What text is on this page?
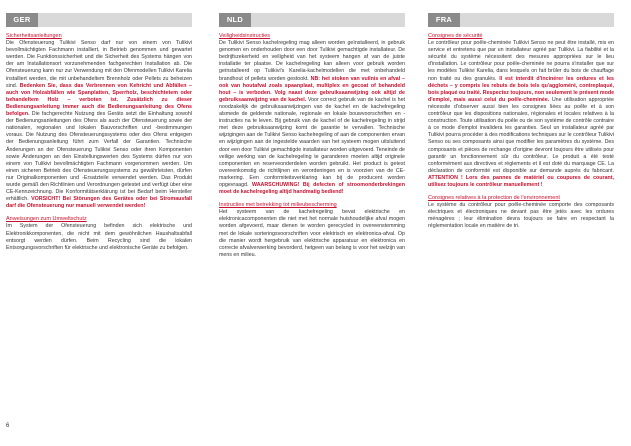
GER
Sicherheitsanleitungen

Die Ofensteuerung Tulikivi Senso darf nur von einem von Tulikivi bevollmächtigten Fachmann installiert, in Betrieb genommen und gewartet werden. Die Funktionssicherheit und die Sicherheit des Systems hängen von der am Installationsort vorzunehmenden fachgerechten Installation ab. Die Ofensteuerung kann nur zur Verwendung mit den Ofenmodellen Tulikivi Karelia installiert werden, die mit unbehandeltem Brennholz oder Pellets zu beheizen sind. Bedenken Sie, dass das Verbrennen von Kehricht und Abfällen – auch von Holzabfällen wie Spanplatten, Sperrholz, beschichtetem oder behandeltem Holz – verboten ist. Zusätzlich zu dieser Bedienungsanleitung immer auch die Bedienungsanleitung des Ofens befolgen. Die fachgerechte Nutzung des Geräts setzt die Einhaltung sowohl der Bedienungsanleitungen des Ofens als auch der Ofensteuerung sowie der nationalen, regionalen und lokalen Bauvorschriften und -bestimmungen voraus. Die Nutzung des Ofensteuerungssystems oder des Ofens entgegen der Bedienungsanleitung führt zum Verfall der Garantien. Technische Änderungen an der Ofensteuerung Tulikivi Senso oder ihren Komponenten sowie Änderungen an den Einstellungswerten des Systems dürfen nur von einem von Tulikivi bevollmächtigten Fachmann vorgenommen werden. Um einen sicheren Betrieb des Ofensteuerungssystems zu gewährleisten, dürfen nur Originalkomponenten und -Ersatzteile verwendet werden. Das Produkt wurde gemäß den Richtlinien und Verordnungen getestet und verfügt über eine CE-Kennzeichnung. Die Konformitätserklärung ist bei Bedarf beim Hersteller erhältlich. VORSICHT! Bei Störungen des Gerätes oder bei Stromausfall darf die Ofensteuerung nur manuell verwendet werden!

Anweisungen zum Umweltschutz

Im System der Ofensteuerung befinden sich elektrische und Elektronikkomponenten, die nicht mit dem gewöhnlichen Haushaltsabfall entsorgt werden dürfen. Beim Recycling sind die lokalen Entsorgungsvorschriften für elektrische und elektronische Geräte zu befolgen.

NLD
Veiligheidsinstructies

De Tulikivi Senso kachelregeling mag alleen worden geïnstalleerd, in gebruik genomen en onderhouden door een door Tulikivi gemachtigde installateur. De bedrijfszekerheid en veiligheid van het systeem hangen af van de juiste installatie ter plaatse. De kachelregeling kan alleen voor gebruik worden geïnstalleerd op Tulikivi's Karelia-kachelmodellen die met onbehandeld brandhout of pellets worden gestookt. NB: het stoken van vuilnis en afval – ook van houtafval zoals spaanplaat, multiplex en gecoat of behandeld hout – is verboden. Volg naast deze gebruiksaanwijzing ook altijd de gebruiksaanwijzing van de kachel. Voor correct gebruik van de kachel is het noodzakelijk de gebruiksaanwijzingen van de kachel en de kachelregeling alsmede de geldende nationale, regionale en lokale bouwvoorschriften en -instructies na te leven. Bij gebruik van de kachel of de kachelregeling in strijd met deze gebruiksaanwijzing komt de garantie te vervallen. Technische wijzigingen aan de Tulikivi Senso kachelregeling of aan de componenten ervan en wijzigingen aan de ingestelde waarden van het systeem mogen uitsluitend door een door Tulikivi gemachtigde installateur worden uitgevoerd. Teneinde de veilige werking van de kachelregeling te garanderen moeten altijd originele componenten en reserveonderdelen worden gebruikt. Het product is getest overeenkomstig de richtlijnen en verordeningen en is voorzien van de CE-markering. Een conformiteitsverklaring kan bij de producent worden opgevraagd. WAARSCHUWING! Bij defecten of stroomonderbrekingen moet de kachelregeling altijd handmatig bediend!

Instructies met betrekking tot milieubescherming

Het systeem van de kachelregeling bevat elektrische en elektronicacomponenten die niet met het normale huishoudelijke afval mogen worden afgevoerd, maar dienen te worden gerecycled in overeenstemming met de lokale sorteringsvoorschriften voor elektrisch en elektronica-afval. Op die manier wordt hergebruik van elektrische apparatuur en elektronica en correcte afvalverwerking bevorderd, hetgeen van belang is voor het welzijn van mens en milieu.

FRA
Consignes de sécurité

Le contrôleur pour poêle-cheminée Tulikivi Senso ne peut être installé, mis en service et entretenu que par un installateur agréé par Tulikivi. La fiabilité et la sécurité du système nécessitent des mesures appropriées sur le lieu d'installation. Le contrôleur pour poêle-cheminée ne pourra s'installer que sur les modèles Tulikivi Karelia, dans lesquels on fait brûler du bois de chauffage non traité ou des granulés. Il est interdit d'incinérer les ordures et les déchets – y compris les rebuts de bois tels qu'aggloméré, contreplaqué, bois plaqué ou traité. Respectez toujours, non seulement le présent mode d'emploi, mais aussi celui du poêle-cheminée. Une utilisation appropriée nécessite d'observer aussi bien les consignes liées au poêle et à son contrôleur que les dispositions nationales, régionales et locales relatives à la construction. Toute utilisation du poêle ou de son système de contrôle contraire à ce mode d'emploi invalidera les garanties. Seul un installateur agréé par Tulikivi pourra procéder à des modifications techniques sur le contrôleur Tulikivi Senso ou ses composants ainsi que modifier les paramètres du système. Des composants et pièces de rechange d'origine devront toujours être utilisés pour garantir un fonctionnement sûr du contrôleur. Le produit a été testé conformément aux directives et règlements et il est doté du marquage CE. La déclaration de conformité est disponible sur demande auprès du fabricant. ATTENTION ! Lors des pannes de matériel ou coupures de courant, utilisez toujours le contrôleur manuellement !

Consignes relatives à la protection de l'environnement

Le système du contrôleur pour poêle-cheminée comporte des composants électriques et électroniques ne devant pas être jetés avec les ordures ménagères ; leur élimination devra toujours se faire en respectant la réglementation locale en matière de tri.

6
